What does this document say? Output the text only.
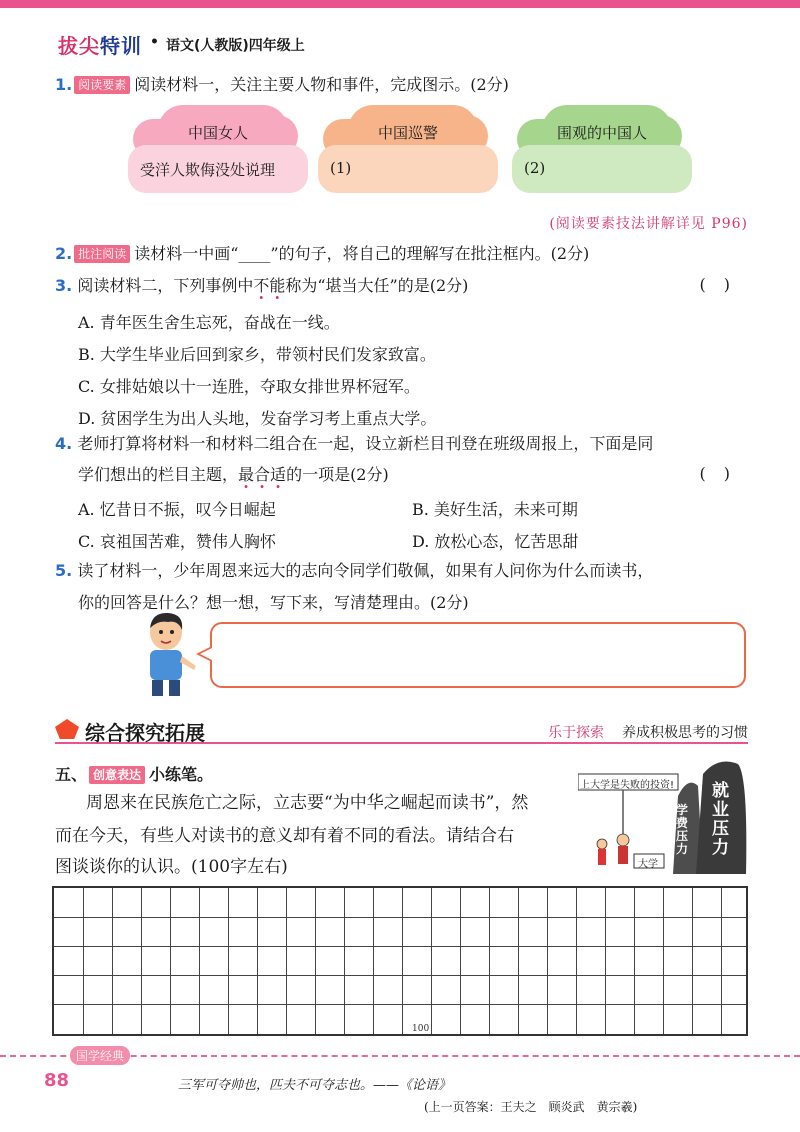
拔尖特训 • 语文(人教版)四年级上
1. 阅读要素 阅读材料一，关注主要人物和事件，完成图示。(2分)
中国女人
受洋人欺侮没处说理
中国巡警
(1)
围观的中国人
(2)
(阅读要素技法讲解详见 P96)
2. 批注阅读 读材料一中画“____”的句子，将自己的理解写在批注框内。(2分)
3. 阅读材料二，下列事例中不能称为“堪当大任”的是(2分)	()
A. 青年医生舍生忘死，奋战在一线。
B. 大学生毕业后回到家乡，带领村民们发家致富。
C. 女排姑娘以十一连胜，夺取女排世界杯冠军。
D. 贫困学生为出人头地，发奋学习考上重点大学。
4. 老师打算将材料一和材料二组合在一起，设立新栏目刊登在班级周报上，下面是同
学们想出的栏目主题，最合适的一项是(2分)	()
A. 忆昔日不振，叹今日崛起	B. 美好生活，未来可期
C. 哀祖国苦难，赞伟人胸怀	D. 放松心态，忆苦思甜
5. 读了材料一，少年周恩来远大的志向令同学们敬佩，如果有人问你为什么而读书，
你的回答是什么？想一想，写下来，写清楚理由。(2分)
综合探究拓展	乐于探索 养成积极思考的习惯
五、 创意表达 小练笔。
周恩来在民族危亡之际，立志要“为中华之崛起而读书”，然
而在今天，有些人对读书的意义却有着不同的看法。请结合右
图谈谈你的认识。(100字左右)
上大学是失败的投资!
学费压力
就业压力
大学
100
国学经典
88	三军可夺帅也，匹夫不可夺志也。——《论语》
(上一页答案：王夫之　顾炎武　黄宗羲)
